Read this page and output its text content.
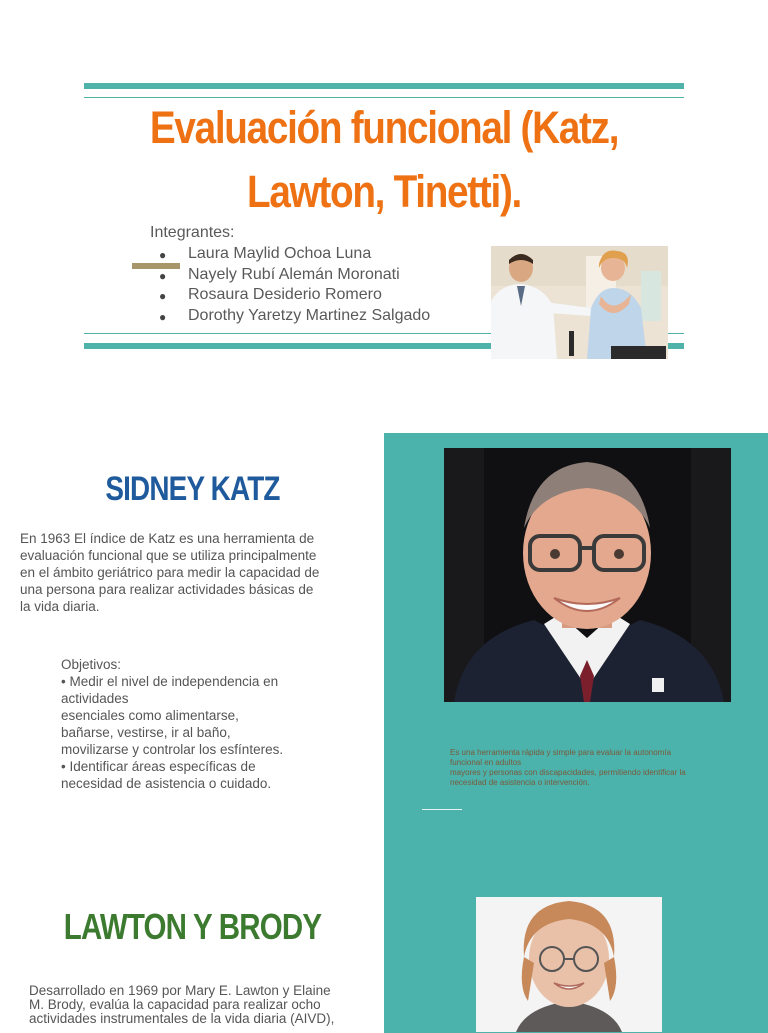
Evaluación funcional (Katz,
Lawton, Tinetti).
Integrantes:
● Laura Maylid Ochoa Luna
● Nayely Rubí Alemán Moronati
● Rosaura Desiderio Romero
● Dorothy Yaretzy Martinez Salgado
SIDNEY KATZ

En 1963 El índice de Katz es una herramienta de
evaluación funcional que se utiliza principalmente
en el ámbito geriátrico para medir la capacidad de
una persona para realizar actividades básicas de
la vida diaria.

Objetivos:
• Medir el nivel de independencia en
actividades
esenciales como alimentarse,
bañarse, vestirse, ir al baño,
movilizarse y controlar los esfínteres.
• Identificar áreas específicas de
necesidad de asistencia o cuidado.

Es una herramienta rápida y simple para evaluar la autonomía
funcional en adultos
mayores y personas con discapacidades, permitiendo identificar la
necesidad de asistencia o intervención.
LAWTON Y BRODY

Desarrollado en 1969 por Mary E. Lawton y Elaine
M. Brody, evalúa la capacidad para realizar ocho
actividades instrumentales de la vida diaria (AIVD),
